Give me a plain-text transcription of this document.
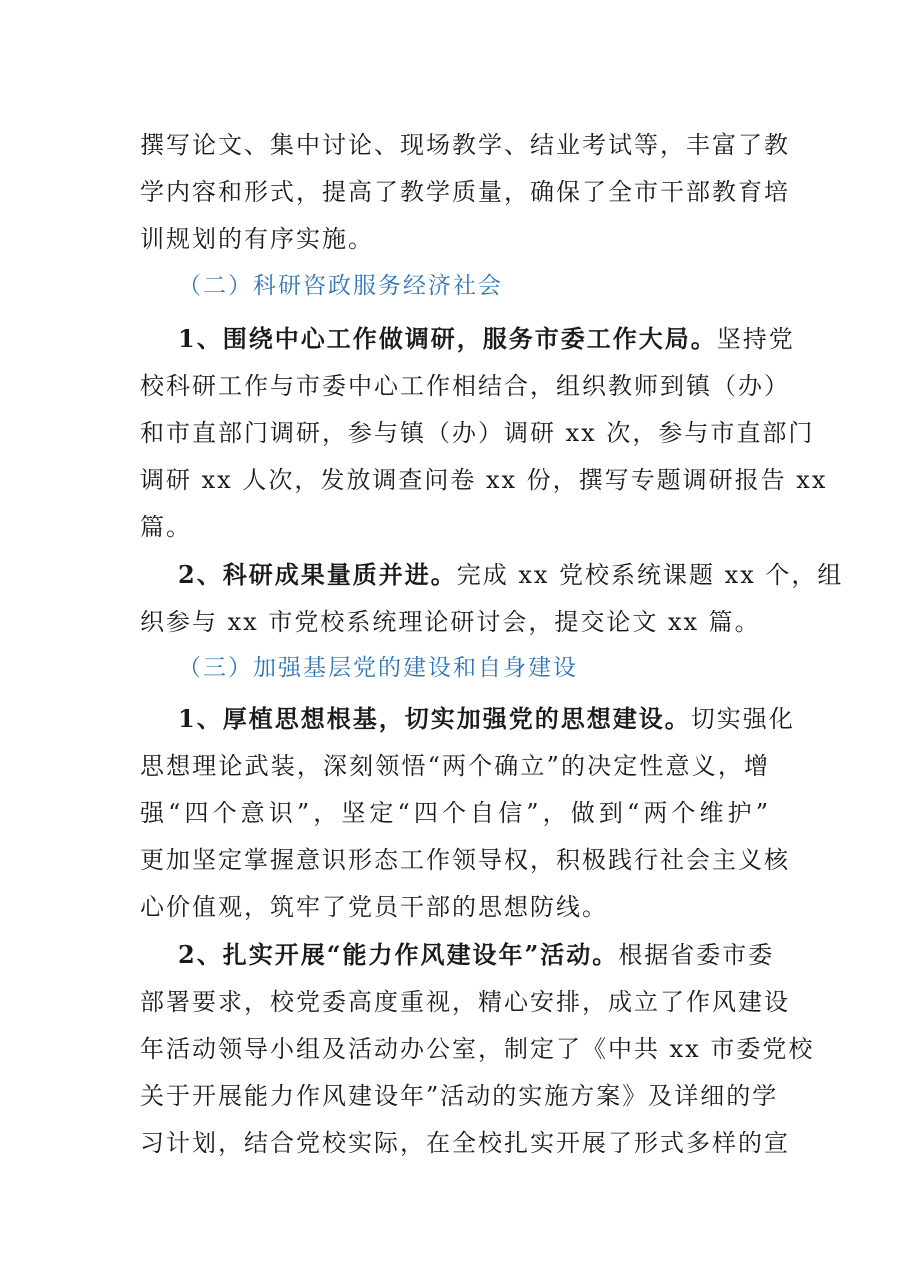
撰写论文、集中讨论、现场教学、结业考试等，丰富了教
学内容和形式，提高了教学质量，确保了全市干部教育培
训规划的有序实施。
（二）科研咨政服务经济社会
1、围绕中心工作做调研，服务市委工作大局。坚持党
校科研工作与市委中心工作相结合，组织教师到镇（办）
和市直部门调研，参与镇（办）调研 xx 次，参与市直部门
调研 xx 人次，发放调查问卷 xx 份，撰写专题调研报告 xx
篇。
2、科研成果量质并进。完成 xx 党校系统课题 xx 个，组
织参与 xx 市党校系统理论研讨会，提交论文 xx 篇。
（三）加强基层党的建设和自身建设
1、厚植思想根基，切实加强党的思想建设。切实强化
思想理论武装，深刻领悟“两个确立”的决定性意义，增
强“四个意识”，坚定“四个自信”，做到“两个维护”
更加坚定掌握意识形态工作领导权，积极践行社会主义核
心价值观，筑牢了党员干部的思想防线。
2、扎实开展“能力作风建设年”活动。根据省委市委
部署要求，校党委高度重视，精心安排，成立了作风建设
年活动领导小组及活动办公室，制定了《中共 xx 市委党校
关于开展能力作风建设年”活动的实施方案》及详细的学
习计划，结合党校实际，在全校扎实开展了形式多样的宣
